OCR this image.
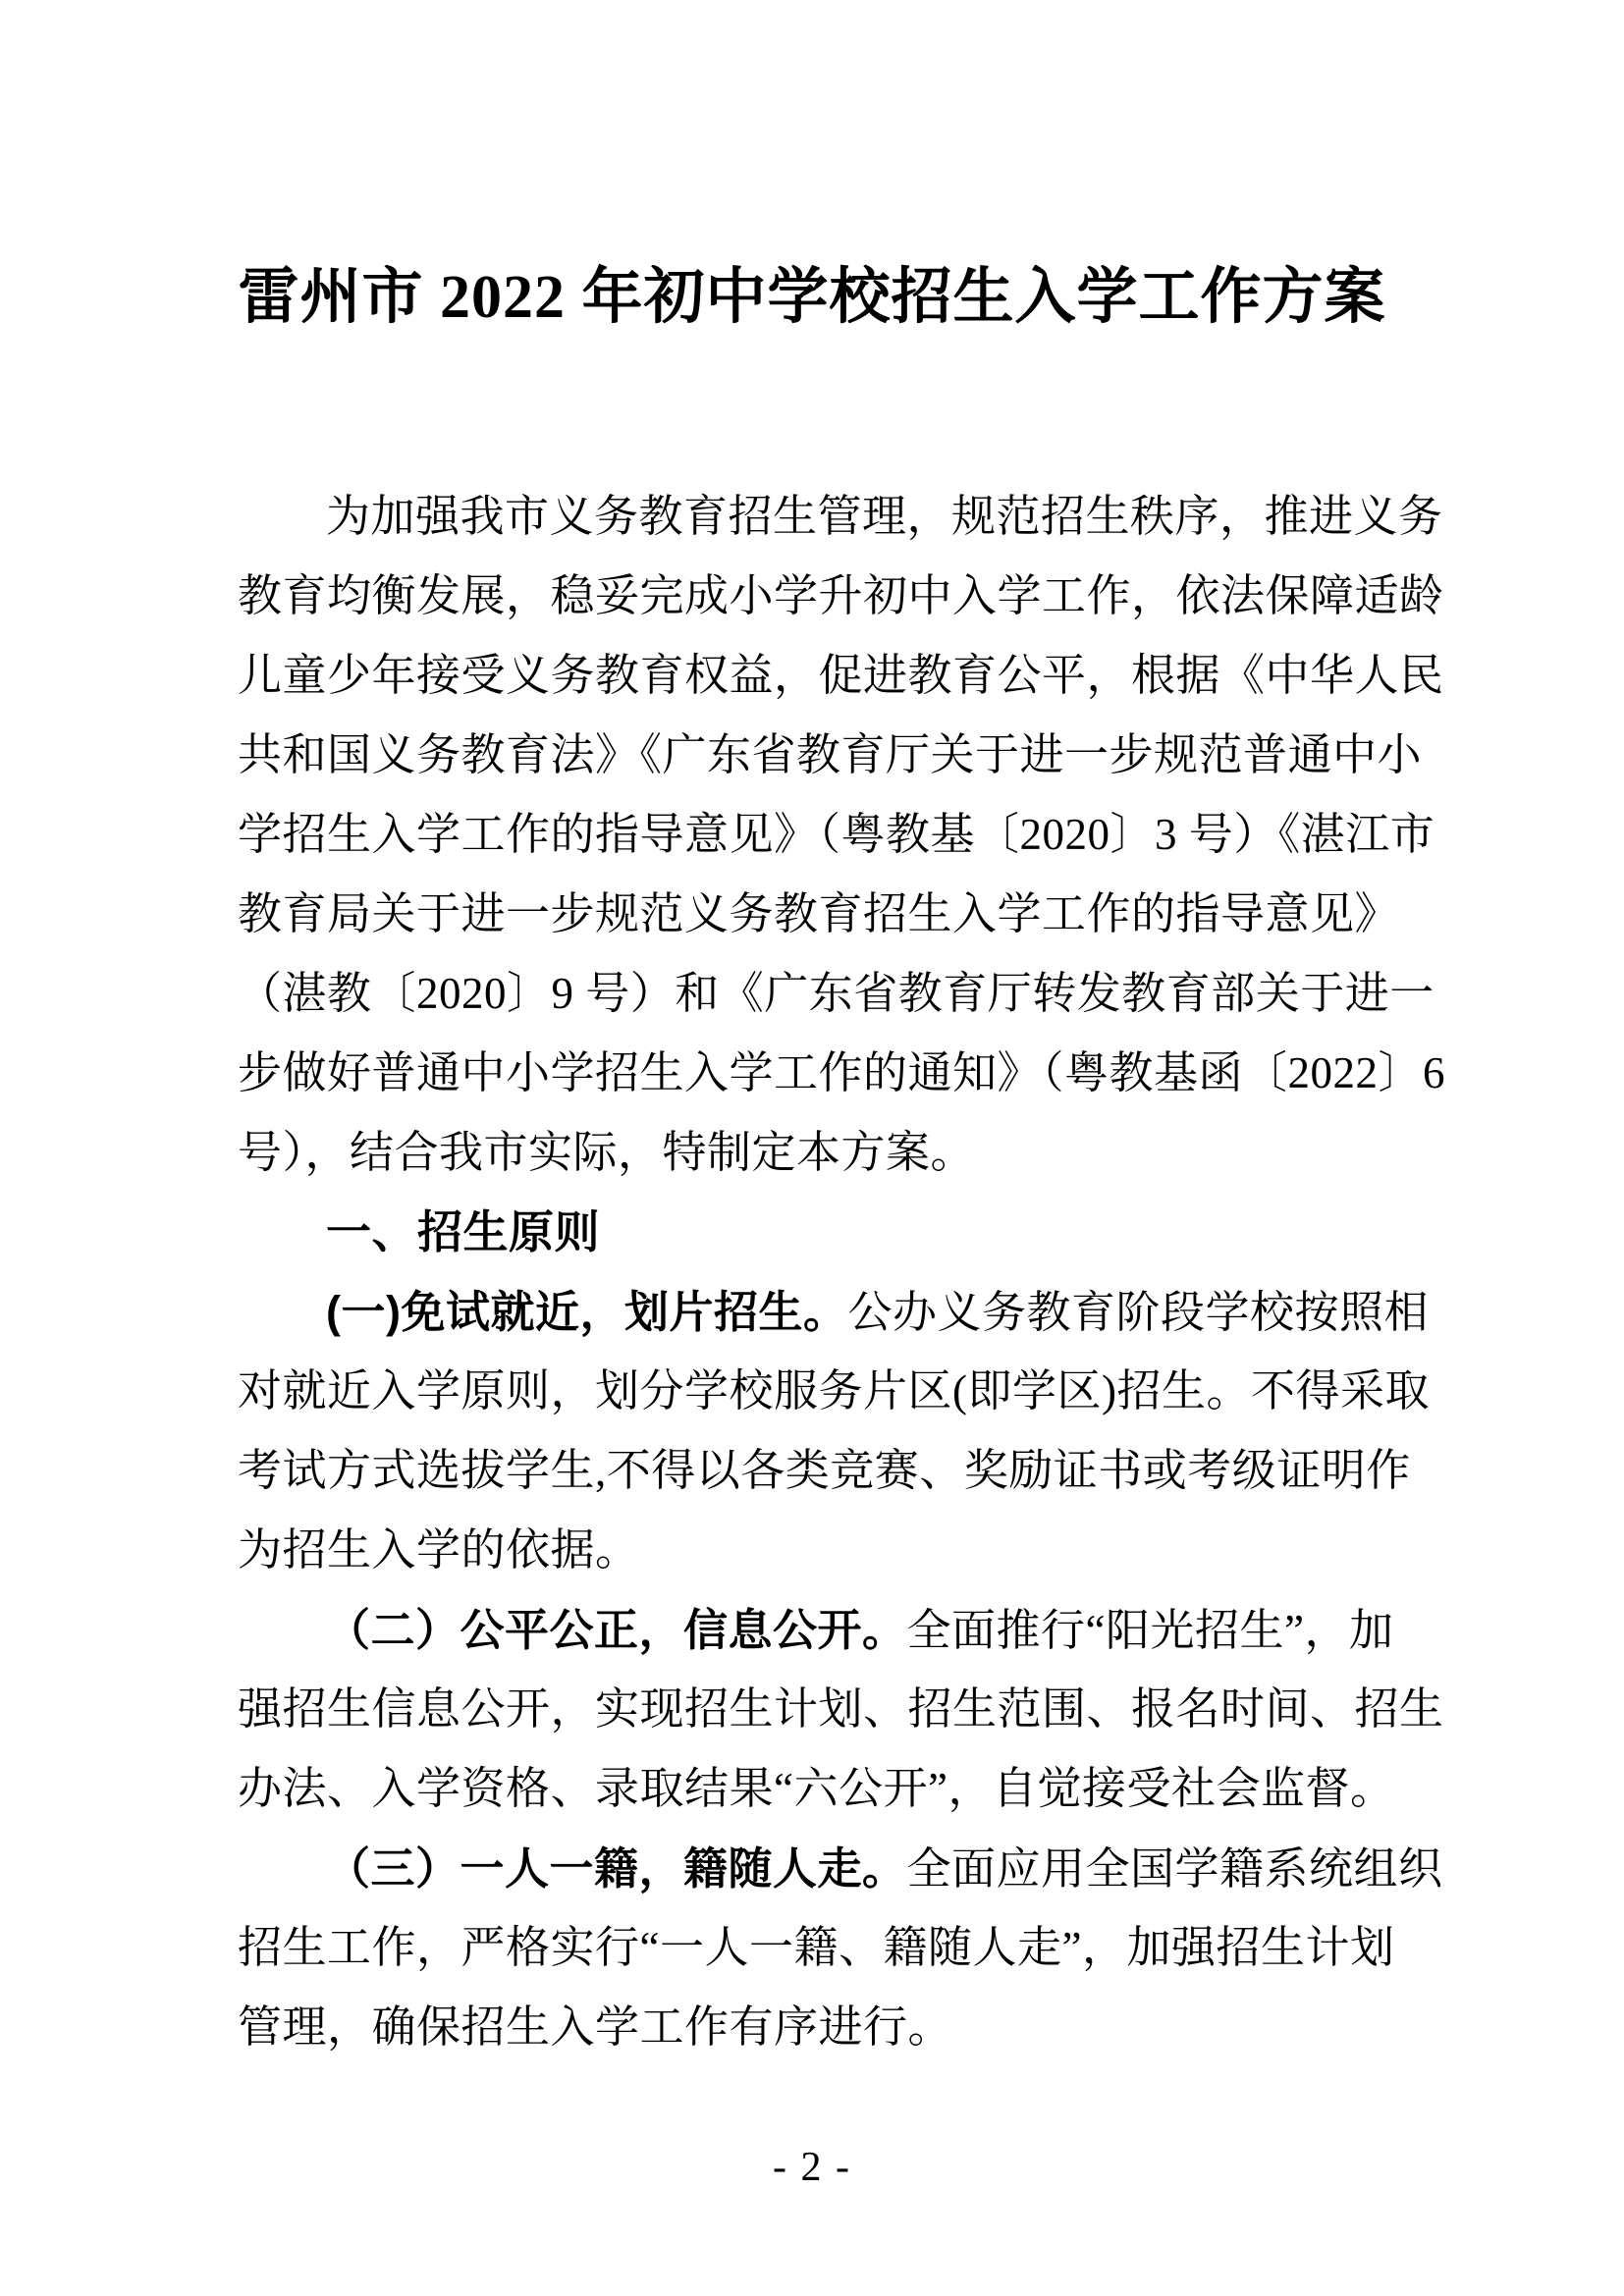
雷州市 2022 年初中学校招生入学工作方案
为加强我市义务教育招生管理，规范招生秩序，推进义务
教育均衡发展，稳妥完成小学升初中入学工作，依法保障适龄
儿童少年接受义务教育权益，促进教育公平，根据《中华人民
共和国义务教育法》《广东省教育厅关于进一步规范普通中小
学招生入学工作的指导意见》（粤教基〔2020〕3 号）《湛江市
教育局关于进一步规范义务教育招生入学工作的指导意见》
（湛教〔2020〕9 号）和《广东省教育厅转发教育部关于进一
步做好普通中小学招生入学工作的通知》（粤教基函〔2022〕6
号），结合我市实际，特制定本方案。
一、招生原则
(一)免试就近，划片招生。公办义务教育阶段学校按照相
对就近入学原则，划分学校服务片区(即学区)招生。不得采取
考试方式选拔学生,不得以各类竞赛、奖励证书或考级证明作
为招生入学的依据。
（二）公平公正，信息公开。全面推行“阳光招生”，加
强招生信息公开，实现招生计划、招生范围、报名时间、招生
办法、入学资格、录取结果“六公开”，自觉接受社会监督。
（三）一人一籍，籍随人走。全面应用全国学籍系统组织
招生工作，严格实行“一人一籍、籍随人走”，加强招生计划
管理，确保招生入学工作有序进行。
- 2 -
